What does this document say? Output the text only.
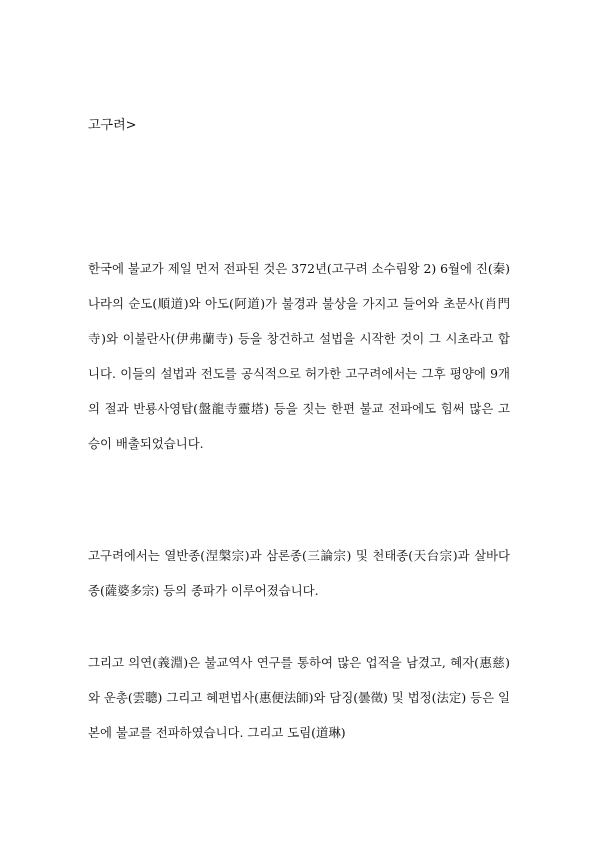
고구려>

한국에 불교가 제일 먼저 전파된 것은 372년(고구려 소수림왕 2) 6월에 진(秦)나라의 순도(順道)와 아도(阿道)가 불경과 불상을 가지고 들어와 초문사(肖門寺)와 이불란사(伊弗蘭寺) 등을 창건하고 설법을 시작한 것이 그 시초라고 합니다. 이들의 설법과 전도를 공식적으로 허가한 고구려에서는 그후 평양에 9개의 절과 반룡사영탑(盤龍寺靈塔) 등을 짓는 한편 불교 전파에도 힘써 많은 고승이 배출되었습니다.

고구려에서는 열반종(涅槃宗)과 삼론종(三論宗) 및 천태종(天台宗)과 살바다종(薩婆多宗) 등의 종파가 이루어졌습니다.

그리고 의연(義淵)은 불교역사 연구를 통하여 많은 업적을 남겼고, 혜자(惠慈)와 운총(雲聰) 그리고 혜편법사(惠便法師)와 담징(曇徵) 및 법정(法定) 등은 일본에 불교를 전파하였습니다. 그리고 도림(道琳)
